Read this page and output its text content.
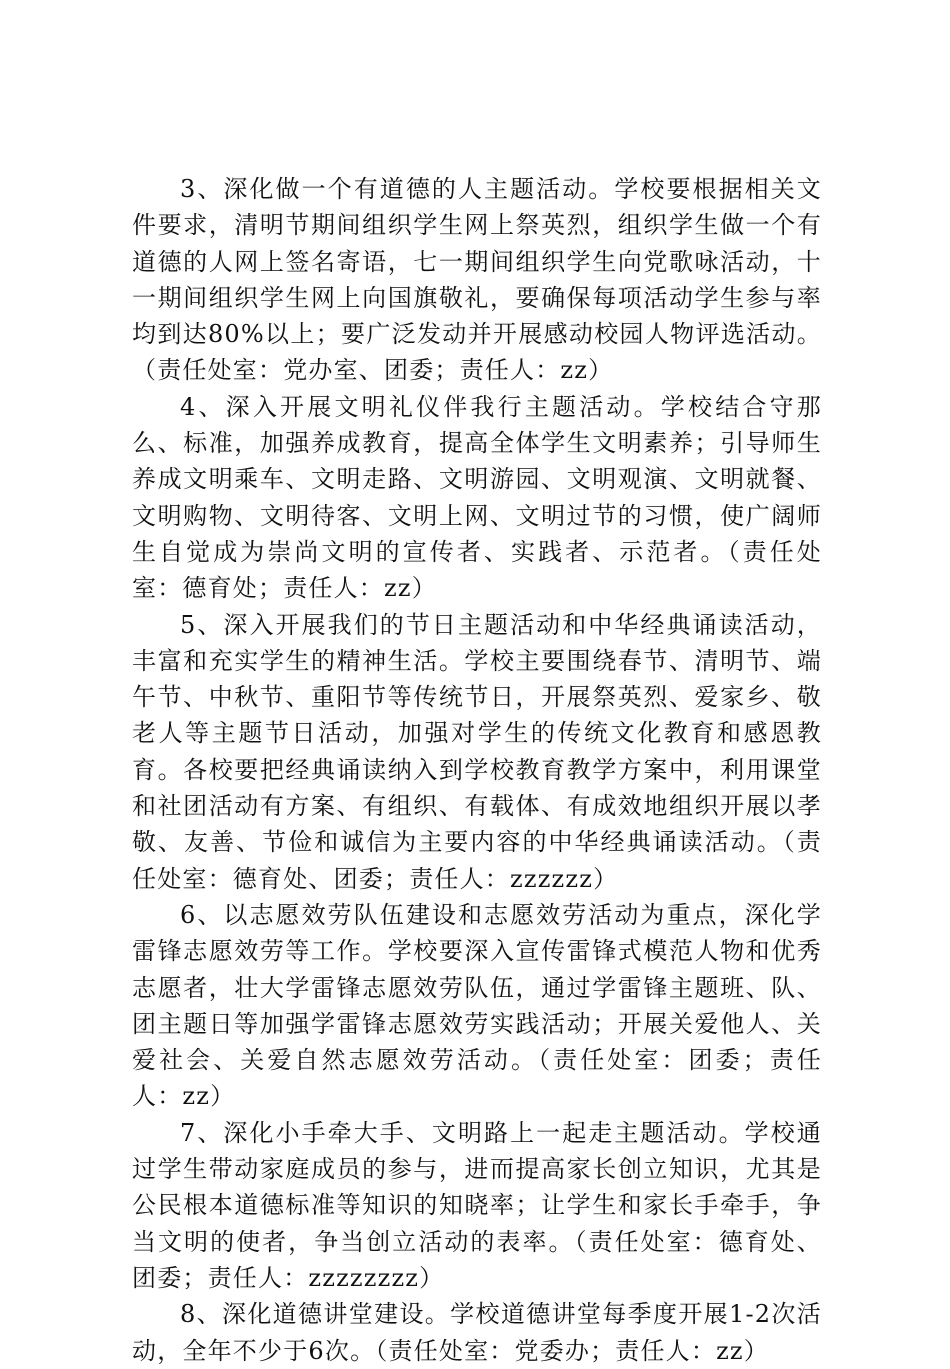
3、深化做一个有道德的人主题活动。学校要根据相关文件要求，清明节期间组织学生网上祭英烈，组织学生做一个有道德的人网上签名寄语，七一期间组织学生向党歌咏活动，十一期间组织学生网上向国旗敬礼，要确保每项活动学生参与率均到达80%以上；要广泛发动并开展感动校园人物评选活动。（责任处室：党办室、团委；责任人：zz）

4、深入开展文明礼仪伴我行主题活动。学校结合守那么、标准，加强养成教育，提高全体学生文明素养；引导师生养成文明乘车、文明走路、文明游园、文明观演、文明就餐、文明购物、文明待客、文明上网、文明过节的习惯，使广阔师生自觉成为崇尚文明的宣传者、实践者、示范者。（责任处室：德育处；责任人：zz）

5、深入开展我们的节日主题活动和中华经典诵读活动，丰富和充实学生的精神生活。学校主要围绕春节、清明节、端午节、中秋节、重阳节等传统节日，开展祭英烈、爱家乡、敬老人等主题节日活动，加强对学生的传统文化教育和感恩教育。各校要把经典诵读纳入到学校教育教学方案中，利用课堂和社团活动有方案、有组织、有载体、有成效地组织开展以孝敬、友善、节俭和诚信为主要内容的中华经典诵读活动。（责任处室：德育处、团委；责任人：zzzzzz）

6、以志愿效劳队伍建设和志愿效劳活动为重点，深化学雷锋志愿效劳等工作。学校要深入宣传雷锋式模范人物和优秀志愿者，壮大学雷锋志愿效劳队伍，通过学雷锋主题班、队、团主题日等加强学雷锋志愿效劳实践活动；开展关爱他人、关爱社会、关爱自然志愿效劳活动。（责任处室：团委；责任人：zz）

7、深化小手牵大手、文明路上一起走主题活动。学校通过学生带动家庭成员的参与，进而提高家长创立知识，尤其是公民根本道德标准等知识的知晓率；让学生和家长手牵手，争当文明的使者，争当创立活动的表率。（责任处室：德育处、团委；责任人：zzzzzzzz）

8、深化道德讲堂建设。学校道德讲堂每季度开展1-2次活动，全年不少于6次。（责任处室：党委办；责任人：zz）
